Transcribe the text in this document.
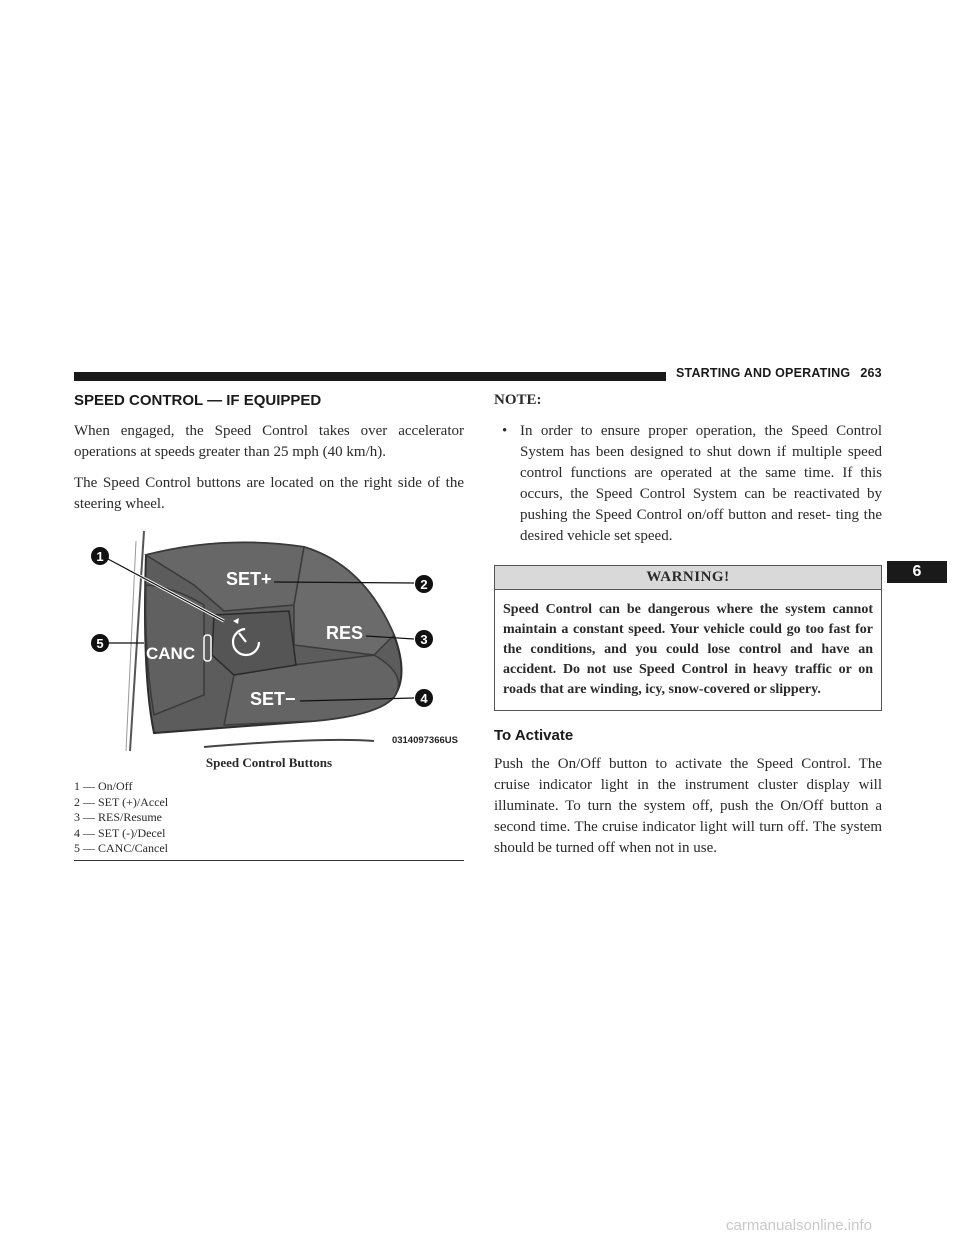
STARTING AND OPERATING 263
6
SPEED CONTROL — IF EQUIPPED

When engaged, the Speed Control takes over accelerator operations at speeds greater than 25 mph (40 km/h).

The Speed Control buttons are located on the right side of the steering wheel.

SET+
RES
CANC
SET−
1
2
3
4
5
0314097366US
Speed Control Buttons
1 — On/Off
2 — SET (+)/Accel
3 — RES/Resume
4 — SET (-)/Decel
5 — CANC/Cancel
NOTE:
• In order to ensure proper operation, the Speed Control System has been designed to shut down if multiple speed control functions are operated at the same time. If this occurs, the Speed Control System can be reactivated by pushing the Speed Control on/off button and reset- ting the desired vehicle set speed.
WARNING!
Speed Control can be dangerous where the system cannot maintain a constant speed. Your vehicle could go too fast for the conditions, and you could lose control and have an accident. Do not use Speed Control in heavy traffic or on roads that are winding, icy, snow-covered or slippery.
To Activate

Push the On/Off button to activate the Speed Control. The cruise indicator light in the instrument cluster display will illuminate. To turn the system off, push the On/Off button a second time. The cruise indicator light will turn off. The system should be turned off when not in use.

carmanualsonline.info
